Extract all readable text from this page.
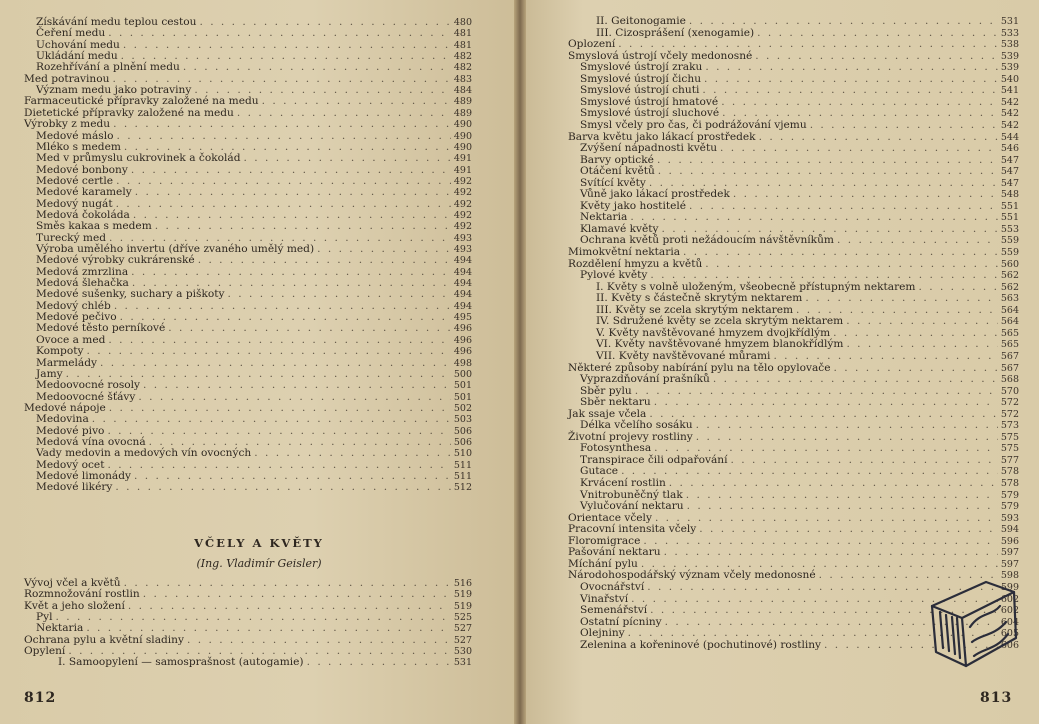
Získávání medu teplou cestou . . .	480
Čeření medu . . .	481
Uchování medu . . .	481
Ukládání medu . . .	482
Rozehřívání a plnění medu . . .	482
Med potravinou . . .	483
Význam medu jako potraviny . . .	484
Farmaceutické přípravky založené na medu . . .	489
Dietetické přípravky založené na medu . . .	489
Výrobky z medu . . .	490
Medové máslo . . .	490
Mléko s medem . . .	490
Med v průmyslu cukrovinek a čokolád . . .	491
Medové bonbony . . .	491
Medové certle . . .	492
Medové karamely . . .	492
Medový nugát . . .	492
Medová čokoláda . . .	492
Směs kakaa s medem . . .	492
Turecký med . . .	493
Výroba umělého invertu (dříve zvaného umělý med) . . .	493
Medové výrobky cukrárenské . . .	494
Medová zmrzlina . . .	494
Medová šlehačka . . .	494
Medové sušenky, suchary a piškoty . . .	494
Medový chléb . . .	494
Medové pečivo . . .	495
Medové těsto perníkové . . .	496
Ovoce a med . . .	496
Kompoty . . .	496
Marmelády . . .	498
Jamy . . .	500
Medoovocné rosoly . . .	501
Medoovocné šťávy . . .	501
Medové nápoje . . .	502
Medovina . . .	503
Medové pivo . . .	506
Medová vína ovocná . . .	506
Vady medovin a medových vín ovocných . . .	510
Medový ocet . . .	511
Medové limonády . . .	511
Medové likéry . . .	512
VČELY A KVĚTY
(Ing. Vladimír Geisler)
Vývoj včel a květů . . .	516
Rozmnožování rostlin . . .	519
Květ a jeho složení . . .	519
Pyl . . .	525
Nektaria . . .	527
Ochrana pylu a květní sladiny . . .	527
Opylení . . .	530
I. Samoopylení — samosprašnost (autogamie) . . .	531
812
II. Geitonogamie . . .	531
III. Cizosprášení (xenogamie) . . .	533
Oplození . . .	538
Smyslová ústrojí včely medonosné . . .	539
Smyslové ústrojí zraku . . .	539
Smyslové ústrojí čichu . . .	540
Smyslové ústrojí chuti . . .	541
Smyslové ústrojí hmatové . . .	542
Smyslové ústrojí sluchové . . .	542
Smysl včely pro čas, či podrážování vjemu . . .	542
Barva květu jako lákací prostředek . . .	544
Zvýšení nápadnosti květu . . .	546
Barvy optické . . .	547
Otáčení květů . . .	547
Svítící květy . . .	547
Vůně jako lákací prostředek . . .	548
Květy jako hostitelé . . .	551
Nektaria . . .	551
Klamavé květy . . .	553
Ochrana květů proti nežádoucím návštěvníkům . . .	559
Mimokvětní nektaria . . .	559
Rozdělení hmyzu a květů . . .	560
Pylové květy . . .	562
I. Květy s volně uloženým, všeobecně přístupným nektarem . . .	562
II. Květy s částečně skrytým nektarem . . .	563
III. Květy se zcela skrytým nektarem . . .	564
IV. Sdružené květy se zcela skrytým nektarem . . .	564
V. Květy navštěvované hmyzem dvojkřídlým . . .	565
VI. Květy navštěvované hmyzem blanokřídlým . . .	565
VII. Květy navštěvované můrami . . .	567
Některé způsoby nabírání pylu na tělo opylovače . . .	567
Vyprazdňování prašníků . . .	568
Sběr pylu . . .	570
Sběr nektaru . . .	572
Jak ssaje včela . . .	572
Délka včelího sosáku . . .	573
Životní projevy rostliny . . .	575
Fotosynthesa . . .	575
Transpirace čili odpařování . . .	577
Gutace . . .	578
Krvácení rostlin . . .	578
Vnitrobuněčný tlak . . .	579
Vylučování nektaru . . .	579
Orientace včely . . .	593
Pracovní intensita včely . . .	594
Floromigrace . . .	596
Pašování nektaru . . .	597
Míchání pylu . . .	597
Národohospodářský význam včely medonosné . . .	598
Ovocnářství . . .	599
Vinařství . . .	602
Semenářství . . .	602
Ostatní pícniny . . .	604
Olejniny . . .	605
Zelenina a kořeninové (pochutinové) rostliny . . .	606
813
